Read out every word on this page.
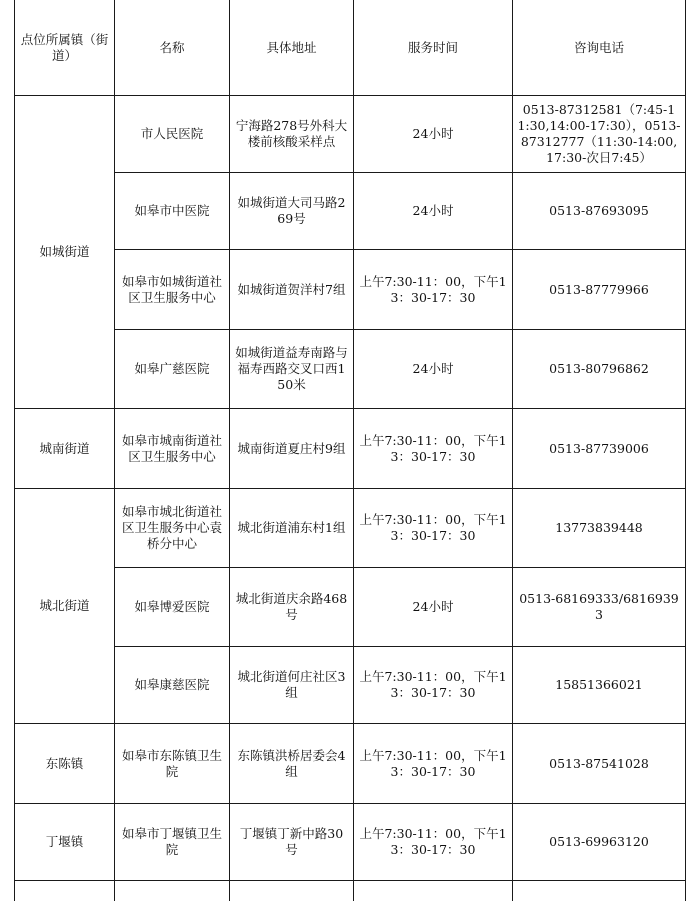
点位所属镇（街道）	名称	具体地址	服务时间	咨询电话
如城街道	市人民医院	宁海路278号外科大楼前核酸采样点	24小时	0513-87312581（7:45-11:30,14:00-17:30），0513-87312777（11:30-14:00,17:30-次日7:45）
	如皋市中医院	如城街道大司马路269号	24小时	0513-87693095
	如皋市如城街道社区卫生服务中心	如城街道贺洋村7组	上午7:30-11：00，下午13：30-17：30	0513-87779966
	如皋广慈医院	如城街道益寿南路与福寿西路交叉口西150米	24小时	0513-80796862
城南街道	如皋市城南街道社区卫生服务中心	城南街道夏庄村9组	上午7:30-11：00，下午13：30-17：30	0513-87739006
城北街道	如皋市城北街道社区卫生服务中心袁桥分中心	城北街道浦东村1组	上午7:30-11：00，下午13：30-17：30	13773839448
	如皋博爱医院	城北街道庆余路468号	24小时	0513-68169333/68169393
	如皋康慈医院	城北街道何庄社区3组	上午7:30-11：00，下午13：30-17：30	15851366021
东陈镇	如皋市东陈镇卫生院	东陈镇洪桥居委会4组	上午7:30-11：00，下午13：30-17：30	0513-87541028
丁堰镇	如皋市丁堰镇卫生院	丁堰镇丁新中路30号	上午7:30-11：00，下午13：30-17：30	0513-69963120
